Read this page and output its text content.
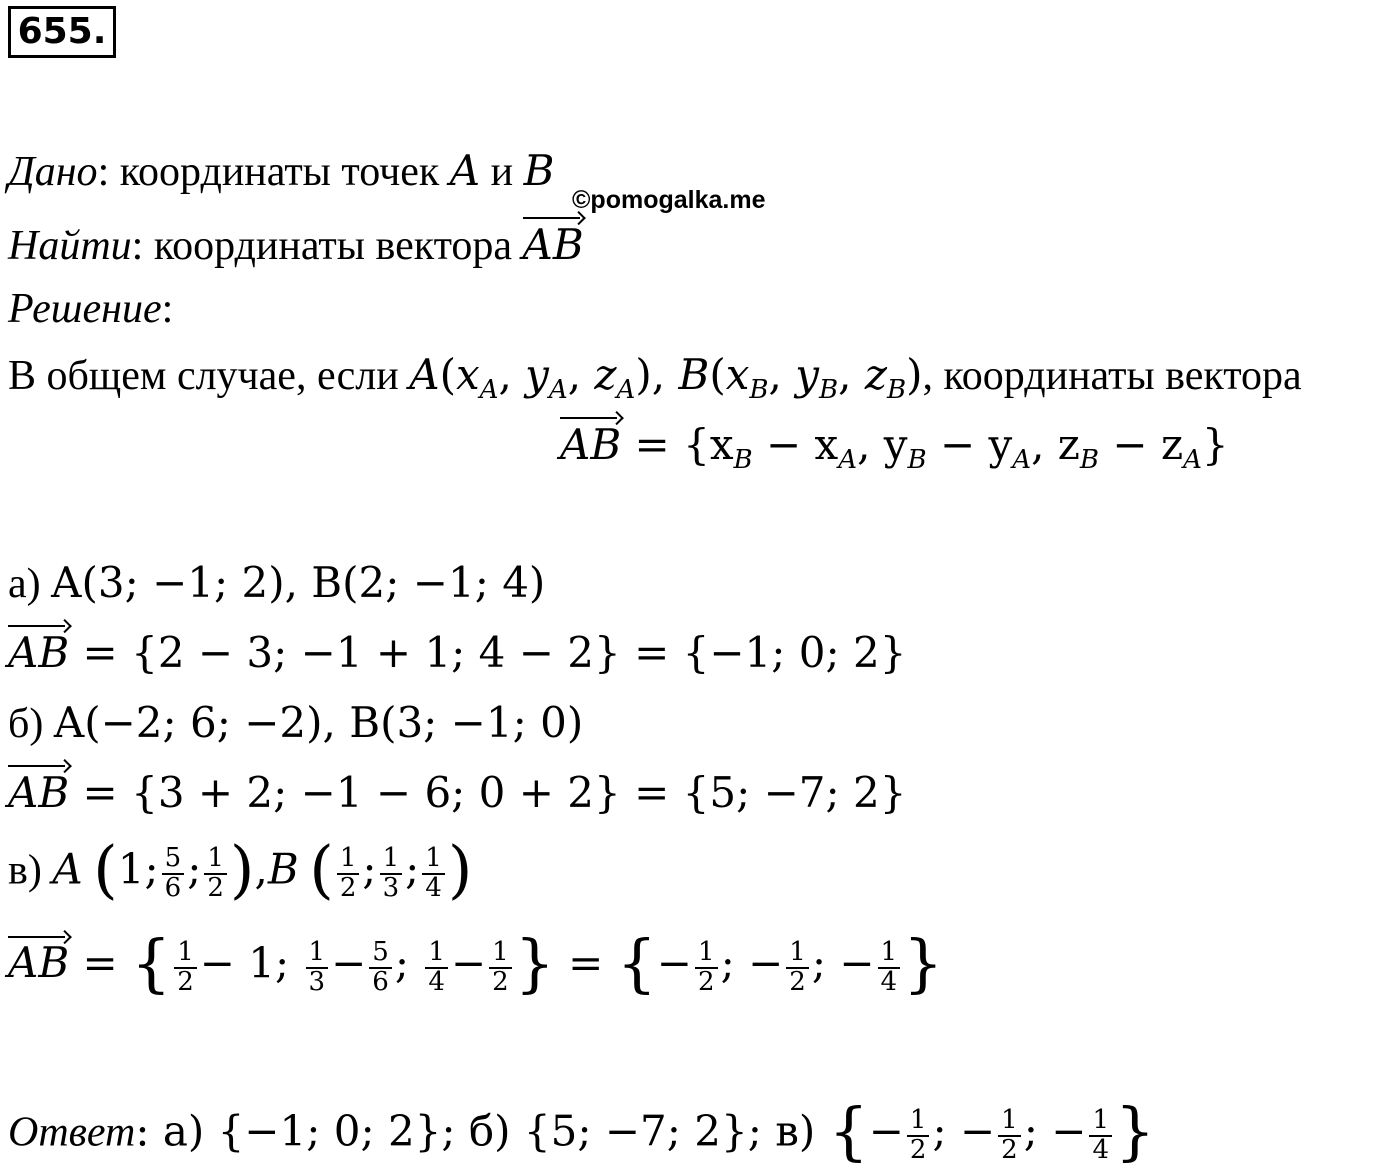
655.
©pomogalka.me
Дано: координаты точек A и B
Найти: координаты вектора AB
Решение:
В общем случае, если $A(x_A$, $y_A$, $z_A$), $B(x_B$, $y_B$, $z_B$), координаты вектора
AB
= {$x_B - x_A$, $y_B - y_A$, $z_B - z_A$}
а) A(3; −1; 2), B(2; −1; 4)
AB
= {2 − 3; −1 + 1; 4 − 2} = {−1; 0; 2}
б) A(−2; 6; −2), B(3; −1; 0)
AB
= {3 + 2; −1 − 6; 0 + 2} = {5; −7; 2}
в) A (1; $\frac{5}{6}$ ; $\frac{1}{2} ),B$ ( $\frac{1}{2}$ ; $\frac{1}{3}$ ; $\frac{1}{4}$ )
AB
= { $\frac{1}{2} - 1$; $\frac{1}{3} - \frac{5}{6}$ ; $\frac{1}{4} - \frac{1}{2}$ } = {− $\frac{1}{2}$ ; − $\frac{1}{2}$ ; − $\frac{1}{4}$ }
Ответ: а) {−1; 0; 2}; б) {5; −7; 2}; в) {− $\frac{1}{2}$ ; − $\frac{1}{2}$ ; − $\frac{1}{4}$ }
